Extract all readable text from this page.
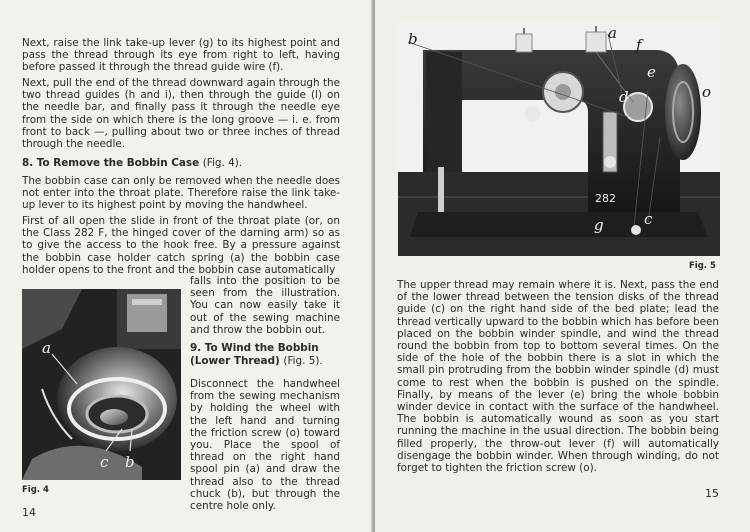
Next, raise the link take-up lever (g) to its highest point and pass the thread through its eye from right to left, having before passed it through the thread guide wire (f).

Next, pull the end of the thread downward again through the two thread guides (h and i), then through the guide (l) on the needle bar, and finally pass it through the needle eye from the side on which there is the long groove — i. e. from front to back —, pulling about two or three inches of thread through the needle.

8. To Remove the Bobbin Case (Fig. 4).

The bobbin case can only be removed when the needle does not enter into the throat plate. Therefore raise the link take-up lever to its highest point by moving the handwheel.

First of all open the slide in front of the throat plate (or, on the Class 282 F, the hinged cover of the darning arm) so as to give the access to the hook free. By a pressure against the bobbin case holder catch spring (a) the bobbin case holder opens to the front and the bobbin case automatically

falls into the position to be seen from the illustration. You can now easily take it out of the sewing machine and throw the bobbin out.

9. To Wind the Bobbin (Lower Thread) (Fig. 5).

Disconnect the handwheel from the sewing mechanism by holding the wheel with the left hand and turning the friction screw (o) toward you. Place the spool of thread on the right hand spool pin (a) and draw the thread also to the thread chuck (b), but through the centre hole only.

a
c b
Fig. 4
14
b	a
f
e
d	o
282
g	c
Fig. 5

The upper thread may remain where it is. Next, pass the end of the lower thread between the tension disks of the thread guide (c) on the right hand side of the bed plate; lead the thread vertically upward to the bobbin which has before been placed on the bobbin winder spindle, and wind the thread round the bobbin from top to bottom several times. On the side of the hole of the bobbin there is a slot in which the small pin protruding from the bobbin winder spindle (d) must come to rest when the bobbin is pushed on the spindle. Finally, by means of the lever (e) bring the whole bobbin winder device in contact with the surface of the handwheel. The bobbin is automatically wound as soon as you start running the machine in the usual direction. The bobbin being filled properly, the throw-out lever (f) will automatically disengage the bobbin winder. When through winding, do not forget to tighten the friction screw (o).

15
